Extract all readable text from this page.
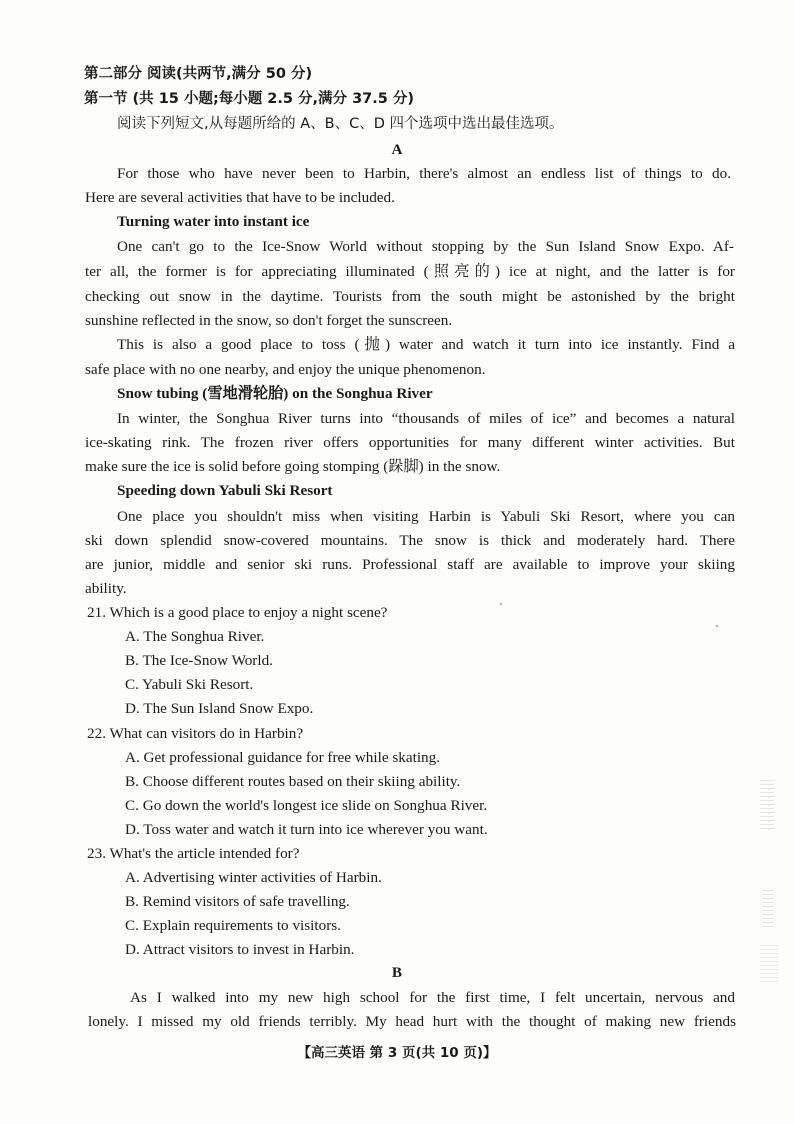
第二部分 阅读(共两节,满分 50 分)
第一节 (共 15 小题;每小题 2.5 分,满分 37.5 分)
阅读下列短文,从每题所给的 A、B、C、D 四个选项中选出最佳选项。
A
For those who have never been to Harbin, there's almost an endless list of things to do.
Here are several activities that have to be included.
Turning water into instant ice
One can't go to the Ice-Snow World without stopping by the Sun Island Snow Expo. Af-
ter all, the former is for appreciating illuminated (照亮的) ice at night, and the latter is for
checking out snow in the daytime. Tourists from the south might be astonished by the bright
sunshine reflected in the snow, so don't forget the sunscreen.
This is also a good place to toss (抛) water and watch it turn into ice instantly. Find a
safe place with no one nearby, and enjoy the unique phenomenon.
Snow tubing (雪地滑轮胎) on the Songhua River
In winter, the Songhua River turns into “thousands of miles of ice” and becomes a natural
ice-skating rink. The frozen river offers opportunities for many different winter activities. But
make sure the ice is solid before going stomping (跺脚) in the snow.
Speeding down Yabuli Ski Resort
One place you shouldn't miss when visiting Harbin is Yabuli Ski Resort, where you can
ski down splendid snow-covered mountains. The snow is thick and moderately hard. There
are junior, middle and senior ski runs. Professional staff are available to improve your skiing
ability.
21. Which is a good place to enjoy a night scene?
A. The Songhua River.
B. The Ice-Snow World.
C. Yabuli Ski Resort.
D. The Sun Island Snow Expo.
22. What can visitors do in Harbin?
A. Get professional guidance for free while skating.
B. Choose different routes based on their skiing ability.
C. Go down the world's longest ice slide on Songhua River.
D. Toss water and watch it turn into ice wherever you want.
23. What's the article intended for?
A. Advertising winter activities of Harbin.
B. Remind visitors of safe travelling.
C. Explain requirements to visitors.
D. Attract visitors to invest in Harbin.
B
As I walked into my new high school for the first time, I felt uncertain, nervous and
lonely. I missed my old friends terribly. My head hurt with the thought of making new friends
【高三英语 第 3 页(共 10 页)】
